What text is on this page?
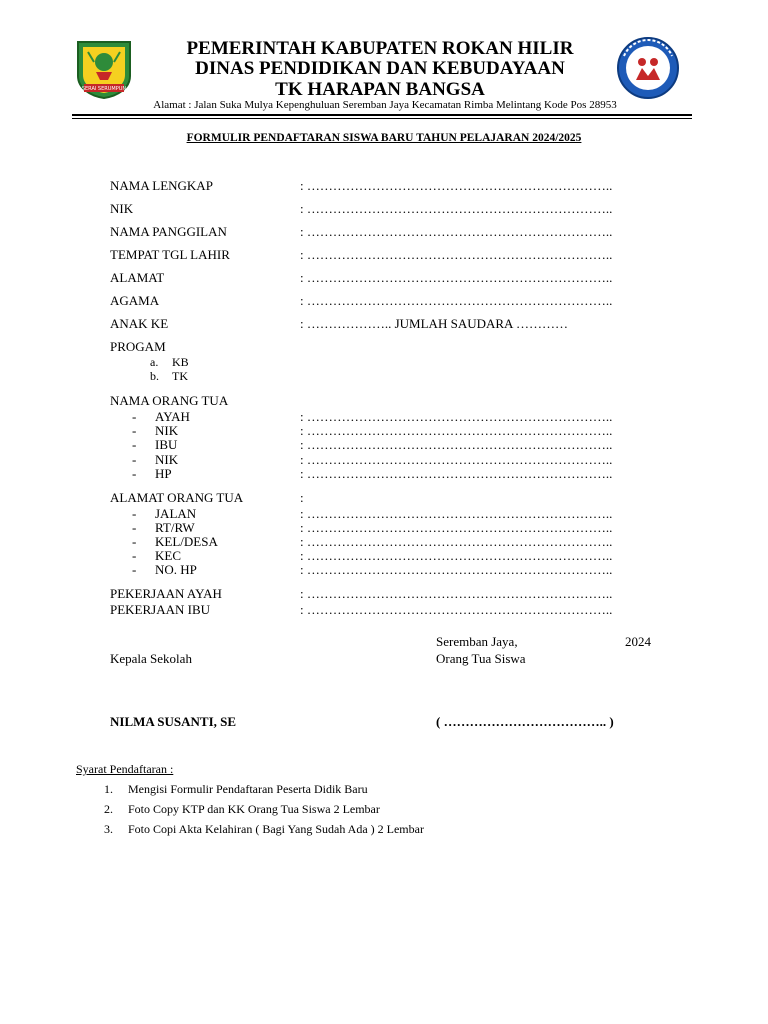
SERAI SERUMPUN
PEMERINTAH KABUPATEN ROKAN HILIR
DINAS PENDIDIKAN DAN KEBUDAYAAN
TK HARAPAN BANGSA
Alamat : Jalan Suka Mulya Kepenghuluan Seremban Jaya Kecamatan Rimba Melintang Kode Pos 28953
FORMULIR PENDAFTARAN SISWA BARU TAHUN PELAJARAN 2024/2025
NAMA LENGKAP	: ……………………………………………………………..
NIK	: ……………………………………………………………..
NAMA PANGGILAN	: ……………………………………………………………..
TEMPAT TGL LAHIR	: ……………………………………………………………..
ALAMAT	: ……………………………………………………………..
AGAMA	: ……………………………………………………………..
ANAK KE	: ……………….. JUMLAH SAUDARA …………
PROGAM
a. KB
b. TK
NAMA ORANG TUA
- AYAH	: ……………………………………………………………..
- NIK	: ……………………………………………………………..
- IBU	: ……………………………………………………………..
- NIK	: ……………………………………………………………..
- HP	: ……………………………………………………………..
ALAMAT ORANG TUA	:
- JALAN	: ……………………………………………………………..
- RT/RW	: ……………………………………………………………..
- KEL/DESA	: ……………………………………………………………..
- KEC	: ……………………………………………………………..
- NO. HP	: ……………………………………………………………..
PEKERJAAN AYAH	: ……………………………………………………………..
PEKERJAAN IBU	: ……………………………………………………………..
Seremban Jaya,	2024
Kepala Sekolah	Orang Tua Siswa
NILMA SUSANTI, SE	( ……………………………….. )
Syarat Pendaftaran :
1. Mengisi Formulir Pendaftaran Peserta Didik Baru
2. Foto Copy KTP dan KK Orang Tua Siswa 2 Lembar
3. Foto Copi Akta Kelahiran ( Bagi Yang Sudah Ada ) 2 Lembar
